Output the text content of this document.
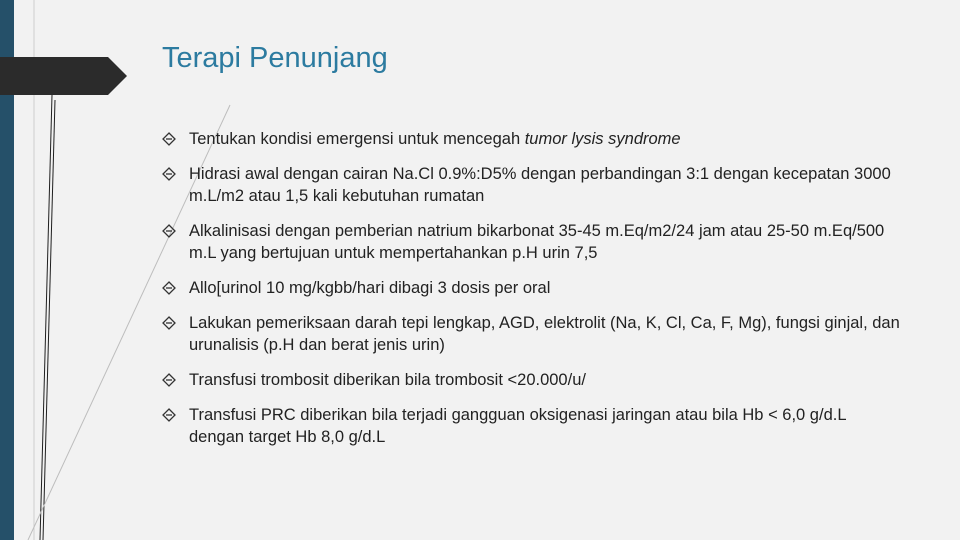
Terapi Penunjang
Tentukan kondisi emergensi untuk mencegah tumor lysis syndrome
Hidrasi awal dengan cairan Na.Cl 0.9%:D5% dengan perbandingan 3:1 dengan kecepatan 3000 m.L/m2 atau 1,5 kali kebutuhan rumatan
Alkalinisasi dengan pemberian natrium bikarbonat 35-45 m.Eq/m2/24 jam atau 25-50 m.Eq/500 m.L yang bertujuan untuk mempertahankan p.H urin 7,5
Allo[urinol 10 mg/kgbb/hari dibagi 3 dosis per oral
Lakukan pemeriksaan darah tepi lengkap, AGD, elektrolit (Na, K, Cl, Ca, F, Mg), fungsi ginjal, dan urunalisis (p.H dan berat jenis urin)
Transfusi trombosit diberikan bila trombosit <20.000/u/
Transfusi PRC diberikan bila terjadi gangguan oksigenasi jaringan atau bila Hb < 6,0 g/d.L dengan target Hb 8,0 g/d.L
